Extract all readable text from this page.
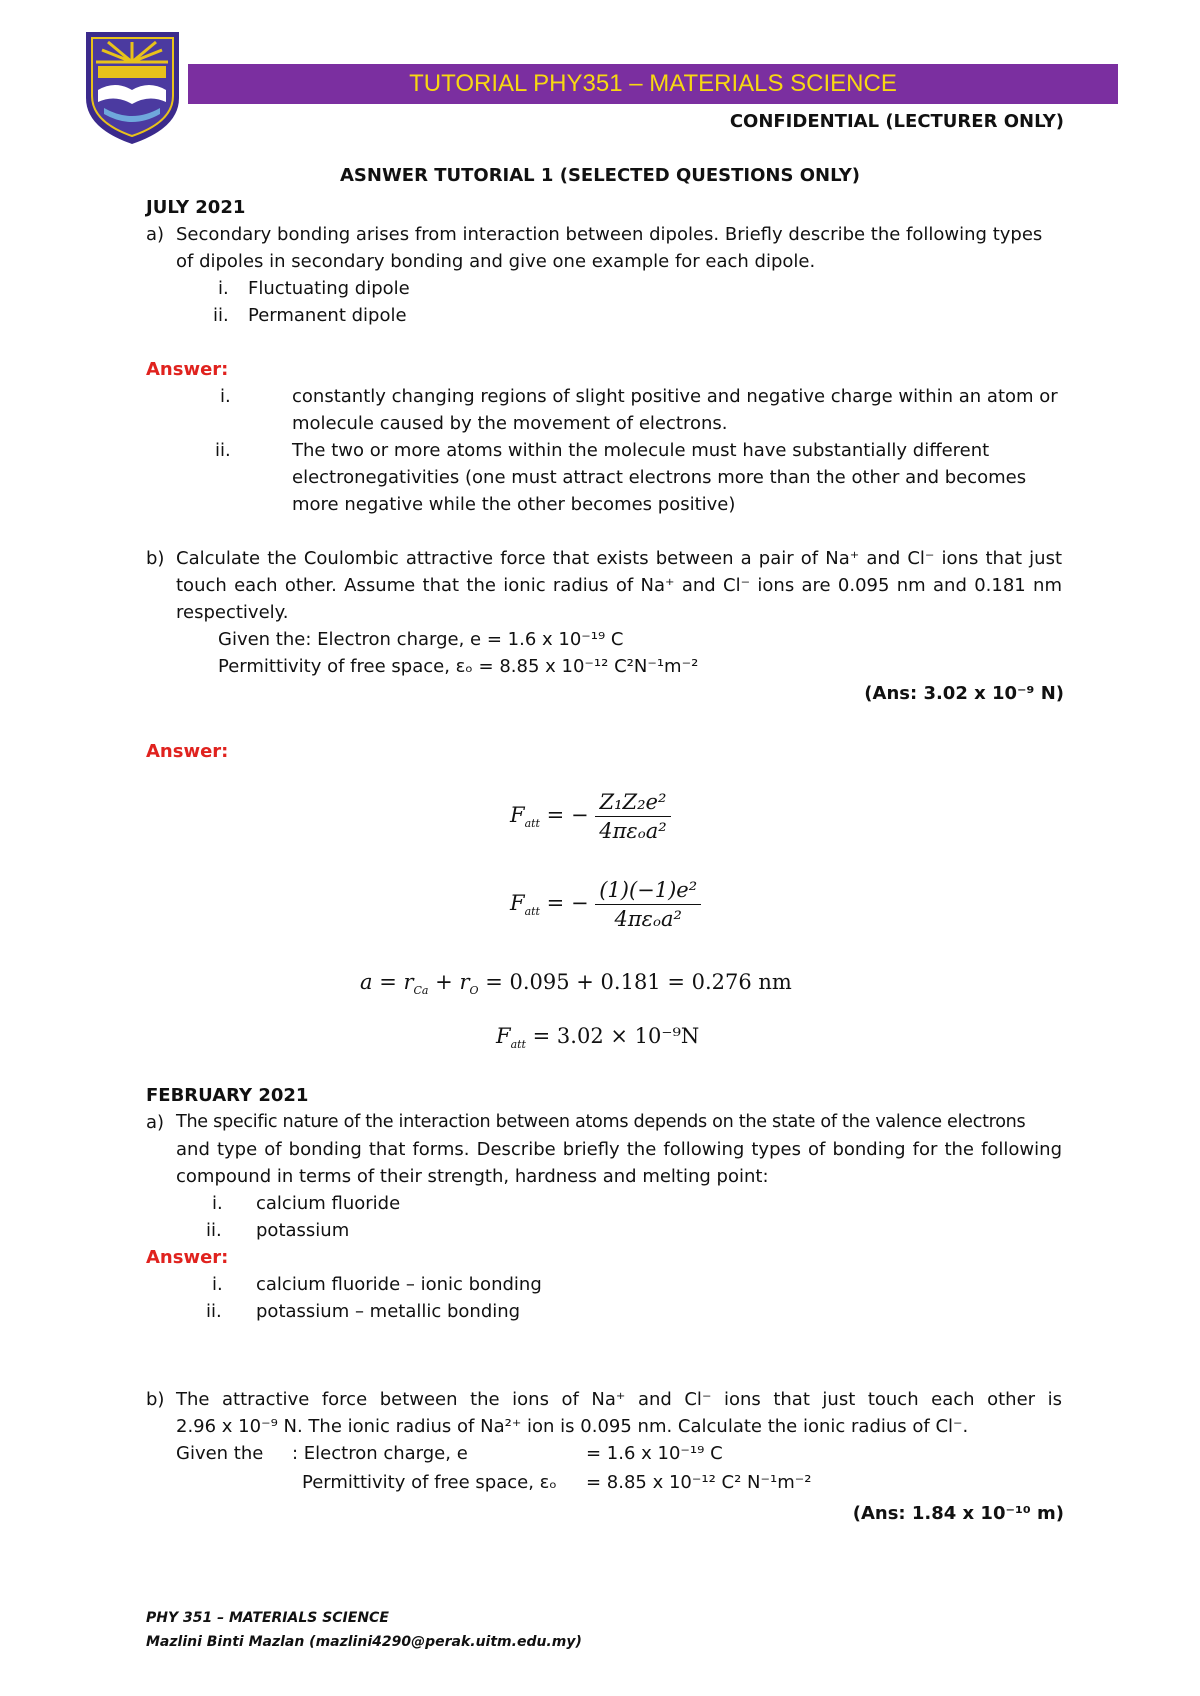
TUTORIAL PHY351 – MATERIALS SCIENCE
CONFIDENTIAL (LECTURER ONLY)
ASNWER TUTORIAL 1 (SELECTED QUESTIONS ONLY)
JULY 2021
a) Secondary bonding arises from interaction between dipoles. Briefly describe the following types
of dipoles in secondary bonding and give one example for each dipole.
i. Fluctuating dipole
ii. Permanent dipole
Answer:
i.	constantly changing regions of slight positive and negative charge within an atom or
molecule caused by the movement of electrons.
ii.	The two or more atoms within the molecule must have substantially different
electronegativities (one must attract electrons more than the other and becomes
more negative while the other becomes positive)
b) Calculate the Coulombic attractive force that exists between a pair of Na⁺ and Cl⁻ ions that just
touch each other. Assume that the ionic radius of Na⁺ and Cl⁻ ions are 0.095 nm and 0.181 nm
respectively.
Given the: Electron charge, e = 1.6 x 10⁻¹⁹ C
Permittivity of free space, εₒ = 8.85 x 10⁻¹² C²N⁻¹m⁻²
(Ans: 3.02 x 10⁻⁹ N)
Answer:
$F_{att}$ = − $\frac{\text{Z₁Z₂e²}}{\text{4πεₒa²}}$
$F_{att}$ = − $\frac{\text{(1)(−1)e²}}{\text{4πεₒa²}}$
$a = r_{Ca} + r_O = 0.095 + 0.181 = 0.276$ nm
$F_{att} = 3.02 \times 10^{-9}N$
FEBRUARY 2021
a) The specific nature of the interaction between atoms depends on the state of the valence electrons
and type of bonding that forms. Describe briefly the following types of bonding for the following
compound in terms of their strength, hardness and melting point:
i. calcium fluoride
ii. potassium
Answer:
i. calcium fluoride – ionic bonding
ii. potassium – metallic bonding
b) The attractive force between the ions of Na⁺ and Cl⁻ ions that just touch each other is
2.96 x 10⁻⁹ N. The ionic radius of Na²⁺ ion is 0.095 nm. Calculate the ionic radius of Cl⁻.
Given the : Electron charge, e	= 1.6 x 10⁻¹⁹ C
Permittivity of free space, εₒ = 8.85 x 10⁻¹² C² N⁻¹m⁻²
(Ans: 1.84 x 10⁻¹⁰ m)
PHY 351 – MATERIALS SCIENCE
Mazlini Binti Mazlan (mazlini4290@perak.uitm.edu.my)
